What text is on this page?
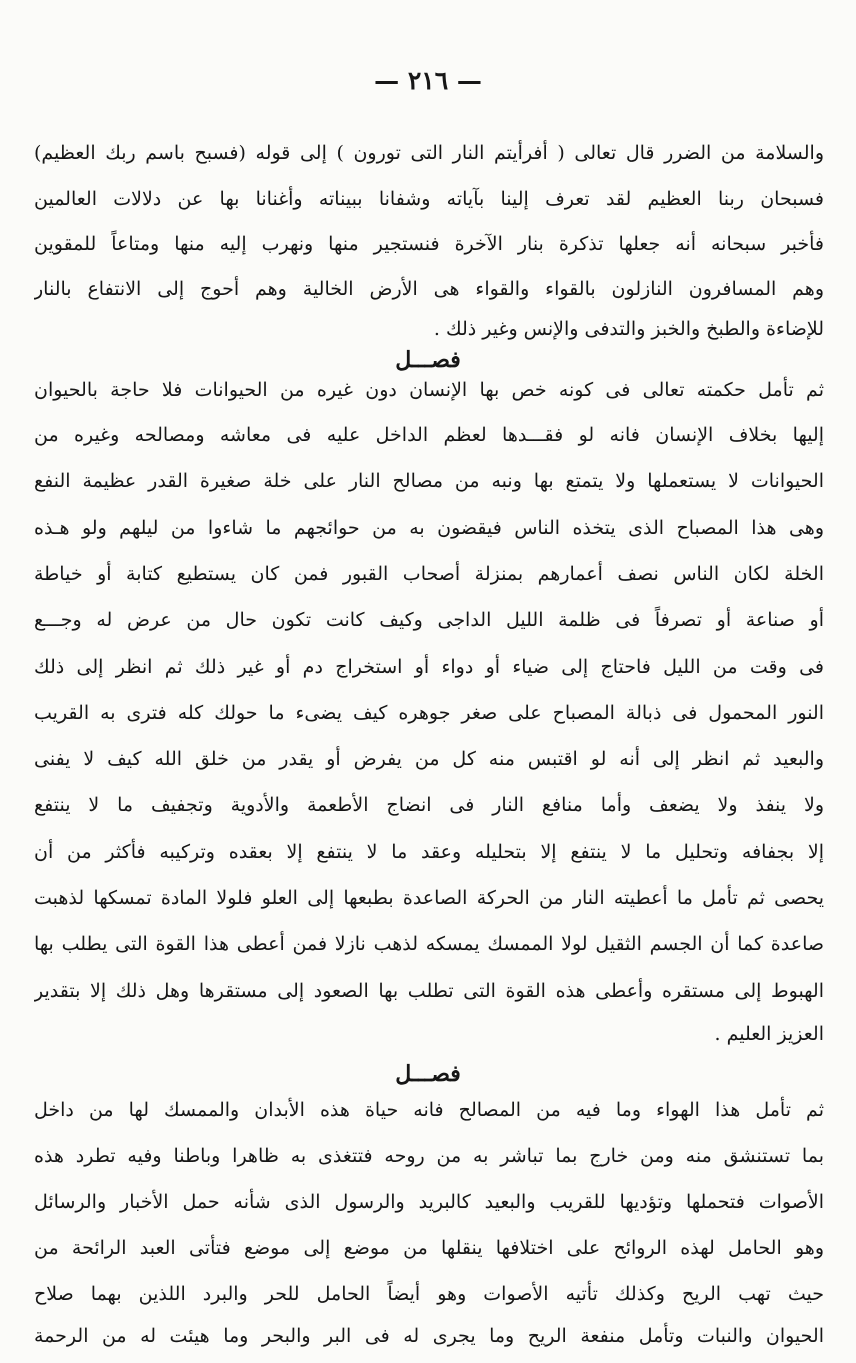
— ٢١٦ —
والسلامة من الضرر قال تعالى ( أفرأيتم النار التى تورون ) إلى قوله (فسبح باسم ربك العظيم)
فسبحان ربنا العظيم لقد تعرف إلينا بآياته وشفانا ببيناته وأغنانا بها عن دلالات العالمين
فأخبر سبحانه أنه جعلها تذكرة بنار الآخرة فنستجير منها ونهرب إليه منها ومتاعاً للمقوين
وهم المسافرون النازلون بالقواء والقواء هى الأرض الخالية وهم أحوج إلى الانتفاع بالنار
للإضاءة والطبخ والخبز والتدفى والإنس وغير ذلك .
فصـــل
ثم تأمل حكمته تعالى فى كونه خص بها الإنسان دون غيره من الحيوانات فلا حاجة بالحيوان
إليها بخلاف الإنسان فانه لو فقـــدها لعظم الداخل عليه فى معاشه ومصالحه وغيره من
الحيوانات لا يستعملها ولا يتمتع بها ونبه من مصالح النار على خلة صغيرة القدر عظيمة النفع
وهى هذا المصباح الذى يتخذه الناس فيقضون به من حوائجهم ما شاءوا من ليلهم ولو هـذه
الخلة لكان الناس نصف أعمارهم بمنزلة أصحاب القبور فمن كان يستطيع كتابة أو خياطة
أو صناعة أو تصرفاً فى ظلمة الليل الداجى وكيف كانت تكون حال من عرض له وجـــع
فى وقت من الليل فاحتاج إلى ضياء أو دواء أو استخراج دم أو غير ذلك ثم انظر إلى ذلك
النور المحمول فى ذبالة المصباح على صغر جوهره كيف يضىء ما حولك كله فترى به القريب
والبعيد ثم انظر إلى أنه لو اقتبس منه كل من يفرض أو يقدر من خلق الله كيف لا يفنى
ولا ينفذ ولا يضعف وأما منافع النار فى انضاج الأطعمة والأدوية وتجفيف ما لا ينتفع
إلا بجفافه وتحليل ما لا ينتفع إلا بتحليله وعقد ما لا ينتفع إلا بعقده وتركيبه فأكثر من أن
يحصى ثم تأمل ما أعطيته النار من الحركة الصاعدة بطبعها إلى العلو فلولا المادة تمسكها لذهبت
صاعدة كما أن الجسم الثقيل لولا الممسك يمسكه لذهب نازلا فمن أعطى هذا القوة التى يطلب بها
الهبوط إلى مستقره وأعطى هذه القوة التى تطلب بها الصعود إلى مستقرها وهل ذلك إلا بتقدير
العزيز العليم .
فصـــل
ثم تأمل هذا الهواء وما فيه من المصالح فانه حياة هذه الأبدان والممسك لها من داخل
بما تستنشق منه ومن خارج بما تباشر به من روحه فتتغذى به ظاهرا وباطنا وفيه تطرد هذه
الأصوات فتحملها وتؤديها للقريب والبعيد كالبريد والرسول الذى شأنه حمل الأخبار والرسائل
وهو الحامل لهذه الروائح على اختلافها ينقلها من موضع إلى موضع فتأتى العبد الرائحة من
حيث تهب الريح وكذلك تأتيه الأصوات وهو أيضاً الحامل للحر والبرد اللذين بهما صلاح
الحيوان والنبات وتأمل منفعة الريح وما يجرى له فى البر والبحر وما هيئت له من الرحمة
